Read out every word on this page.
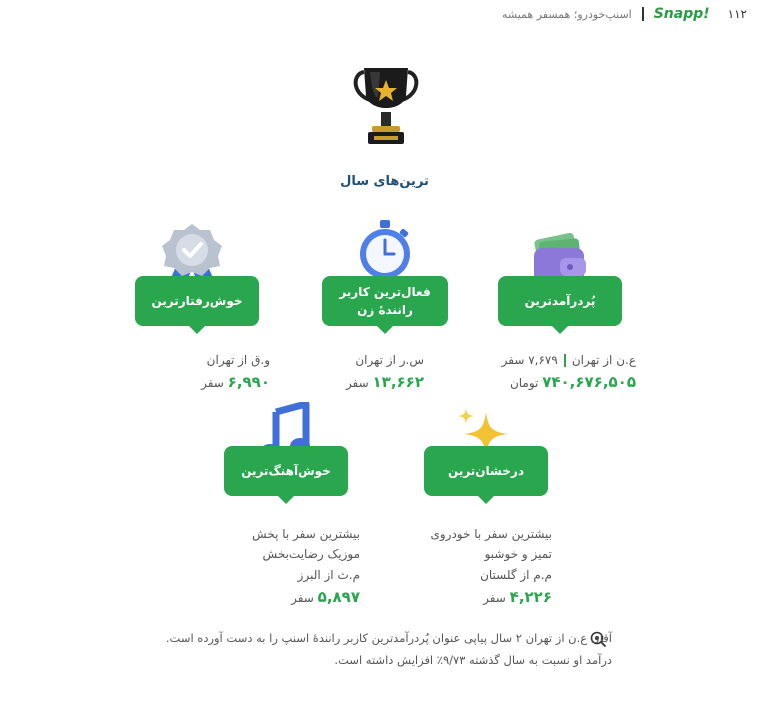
اسنپ‌خودرو؛ همسفر همیشه Snapp! ۱۱۲
ترین‌های سال
پُردرآمدترین
ع.ن از تهران۷,۶۷۹ سفر
۷۴۰,۶۷۶,۵۰۵ تومان
فعال‌ترین کاربر رانندهٔ زن
س.ر از تهران
۱۳,۶۶۲ سفر
خوش‌رفتارترین
و.ق از تهران
۶,۹۹۰ سفر
درخشان‌ترین
بیشترین سفر با خودروی
تمیز و خوشبو
م.م از گلستان
۴,۲۲۶ سفر
خوش‌آهنگ‌ترین
بیشترین سفر با پخش
موزیک رضایت‌بخش
م.ث از البرز
۵,۸۹۷ سفر
آقای ع.ن از تهران ۲ سال پیاپی عنوان پُردرآمدترین کاربر رانندهٔ اسنپ را به دست آورده است. درآمد او نسبت به سال گذشته ۹/۷۳٪ افزایش داشته است.
